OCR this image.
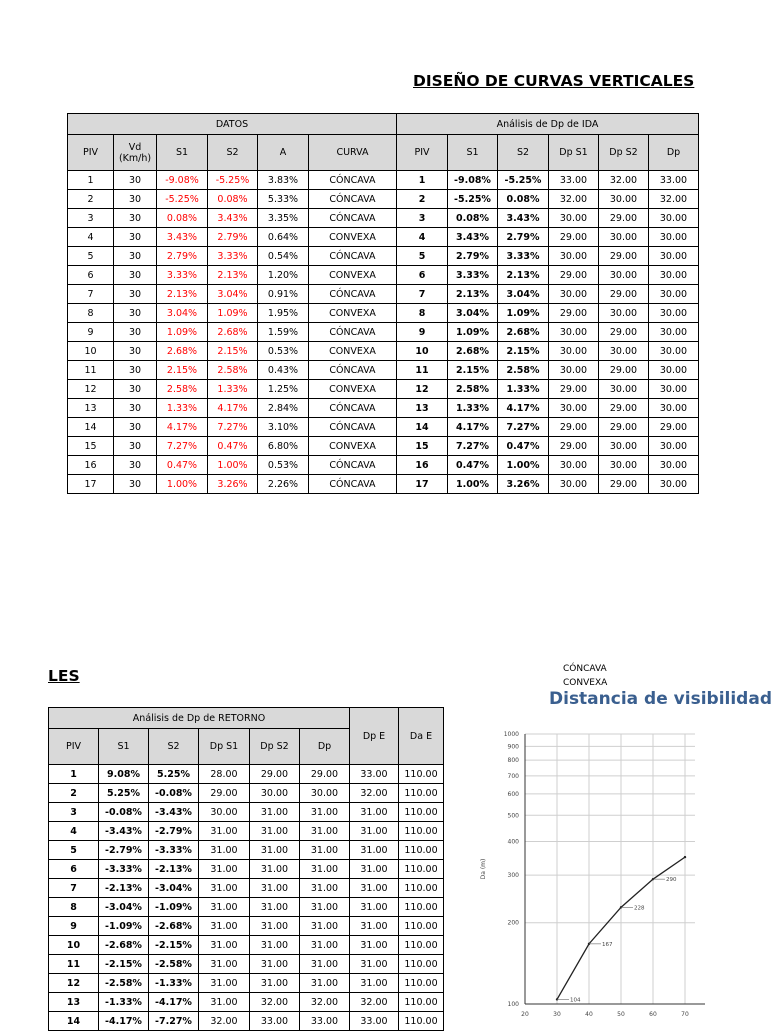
DISEÑO DE CURVAS VERTICALES
DATOS						Análisis de Dp de IDA					
PIV	Vd (Km/h)	S1	S2	A	CURVA	PIV	S1	S2	Dp S1	Dp S2	Dp
1	30	-9.08%	-5.25%	3.83%	CÓNCAVA	1	-9.08%	-5.25%	33.00	32.00	33.00
2	30	-5.25%	0.08%	5.33%	CÓNCAVA	2	-5.25%	0.08%	32.00	30.00	32.00
3	30	0.08%	3.43%	3.35%	CÓNCAVA	3	0.08%	3.43%	30.00	29.00	30.00
4	30	3.43%	2.79%	0.64%	CONVEXA	4	3.43%	2.79%	29.00	30.00	30.00
5	30	2.79%	3.33%	0.54%	CÓNCAVA	5	2.79%	3.33%	30.00	29.00	30.00
6	30	3.33%	2.13%	1.20%	CONVEXA	6	3.33%	2.13%	29.00	30.00	30.00
7	30	2.13%	3.04%	0.91%	CÓNCAVA	7	2.13%	3.04%	30.00	29.00	30.00
8	30	3.04%	1.09%	1.95%	CONVEXA	8	3.04%	1.09%	29.00	30.00	30.00
9	30	1.09%	2.68%	1.59%	CÓNCAVA	9	1.09%	2.68%	30.00	29.00	30.00
10	30	2.68%	2.15%	0.53%	CONVEXA	10	2.68%	2.15%	30.00	30.00	30.00
11	30	2.15%	2.58%	0.43%	CÓNCAVA	11	2.15%	2.58%	30.00	29.00	30.00
12	30	2.58%	1.33%	1.25%	CONVEXA	12	2.58%	1.33%	29.00	30.00	30.00
13	30	1.33%	4.17%	2.84%	CÓNCAVA	13	1.33%	4.17%	30.00	29.00	30.00
14	30	4.17%	7.27%	3.10%	CÓNCAVA	14	4.17%	7.27%	29.00	29.00	29.00
15	30	7.27%	0.47%	6.80%	CONVEXA	15	7.27%	0.47%	29.00	30.00	30.00
16	30	0.47%	1.00%	0.53%	CÓNCAVA	16	0.47%	1.00%	30.00	30.00	30.00
17	30	1.00%	3.26%	2.26%	CÓNCAVA	17	1.00%	3.26%	30.00	29.00	30.00
LES	CÓNCAVA
CONVEXA
Distancia de visibilidad
Análisis de Dp de RETORNO						Dp E	Da E
PIV	S1	S2	Dp S1	Dp S2	Dp		
1	9.08%	5.25%	28.00	29.00	29.00	33.00	110.00
2	5.25%	-0.08%	29.00	30.00	30.00	32.00	110.00
3	-0.08%	-3.43%	30.00	31.00	31.00	31.00	110.00
4	-3.43%	-2.79%	31.00	31.00	31.00	31.00	110.00
5	-2.79%	-3.33%	31.00	31.00	31.00	31.00	110.00
6	-3.33%	-2.13%	31.00	31.00	31.00	31.00	110.00
7	-2.13%	-3.04%	31.00	31.00	31.00	31.00	110.00
8	-3.04%	-1.09%	31.00	31.00	31.00	31.00	110.00
9	-1.09%	-2.68%	31.00	31.00	31.00	31.00	110.00
10	-2.68%	-2.15%	31.00	31.00	31.00	31.00	110.00
11	-2.15%	-2.58%	31.00	31.00	31.00	31.00	110.00
12	-2.58%	-1.33%	31.00	31.00	31.00	31.00	110.00
13	-1.33%	-4.17%	31.00	32.00	32.00	32.00	110.00
14	-4.17%	-7.27%	32.00	33.00	33.00	33.00	110.00
100
200
300
400
500
600
700
800
900
1000
20	30	40	50	60	70
Da (m)
104
167
228
290
